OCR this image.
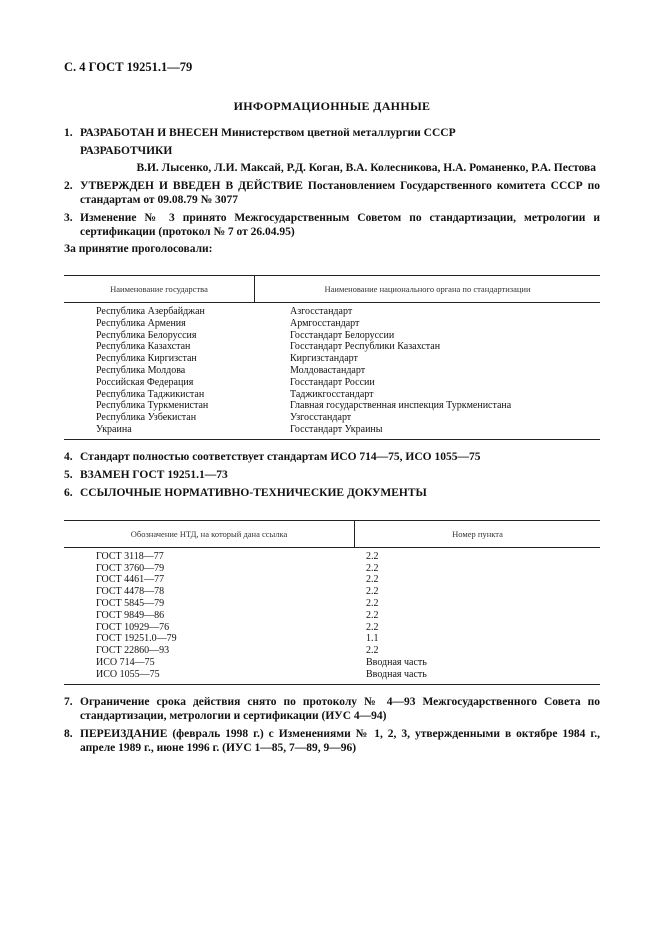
С. 4 ГОСТ 19251.1—79
ИНФОРМАЦИОННЫЕ ДАННЫЕ
1. РАЗРАБОТАН И ВНЕСЕН Министерством цветной металлургии СССР

РАЗРАБОТЧИКИ
В.И. Лысенко, Л.И. Максай, Р.Д. Коган, В.А. Колесникова, Н.А. Романенко, Р.А. Пестова
2. УТВЕРЖДЕН И ВВЕДЕН В ДЕЙСТВИЕ Постановлением Государственного комитета СССР по стандартам от 09.08.79 № 3077

3. Изменение № 3 принято Межгосударственным Советом по стандартизации, метрологии и сертификации (протокол № 7 от 26.04.95)

За принятие проголосовали:
Наименование государства	Наименование национального органа по стандартизации
Республика Азербайджан	Азгосстандарт
Республика Армения	Армгосстандарт
Республика Белоруссия	Госстандарт Белоруссии
Республика Казахстан	Госстандарт Республики Казахстан
Республика Киргизстан	Киргизстандарт
Республика Молдова	Молдовастандарт
Российская Федерация	Госстандарт России
Республика Таджикистан	Таджикгосстандарт
Республика Туркменистан	Главная государственная инспекция Туркменистана
Республика Узбекистан	Узгосстандарт
Украина	Госстандарт Украины
4. Стандарт полностью соответствует стандартам ИСО 714—75, ИСО 1055—75

5. ВЗАМЕН ГОСТ 19251.1—73

6. ССЫЛОЧНЫЕ НОРМАТИВНО-ТЕХНИЧЕСКИЕ ДОКУМЕНТЫ

Обозначение НТД, на который дана ссылка	Номер пункта
ГОСТ 3118—77	2.2
ГОСТ 3760—79	2.2
ГОСТ 4461—77	2.2
ГОСТ 4478—78	2.2
ГОСТ 5845—79	2.2
ГОСТ 9849—86	2.2
ГОСТ 10929—76	2.2
ГОСТ 19251.0—79	1.1
ГОСТ 22860—93	2.2
ИСО 714—75	Вводная часть
ИСО 1055—75	Вводная часть
7. Ограничение срока действия снято по протоколу № 4—93 Межгосударственного Совета по стандартизации, метрологии и сертификации (ИУС 4—94)

8. ПЕРЕИЗДАНИЕ (февраль 1998 г.) с Изменениями № 1, 2, 3, утвержденными в октябре 1984 г., апреле 1989 г., июне 1996 г. (ИУС 1—85, 7—89, 9—96)
